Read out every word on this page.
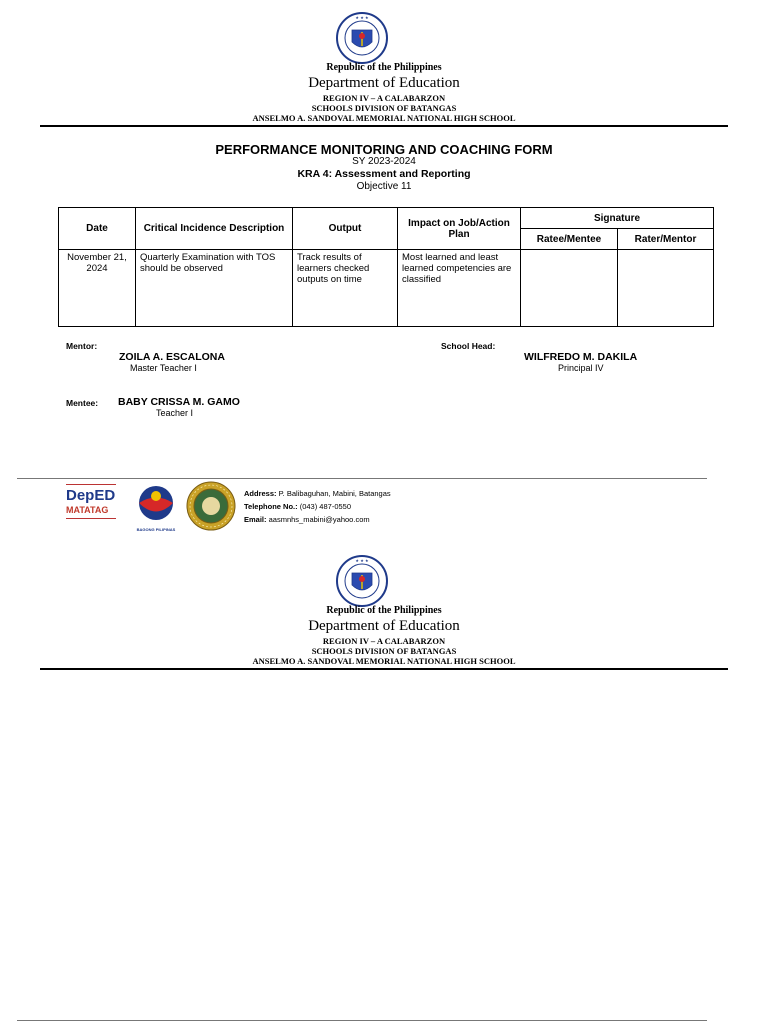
★ ★ ★
Republic of the Philippines
Department of Education
REGION IV – A CALABARZON
SCHOOLS DIVISION OF BATANGAS
ANSELMO A. SANDOVAL MEMORIAL NATIONAL HIGH SCHOOL
PERFORMANCE MONITORING AND COACHING FORM
SY 2023-2024
KRA 4: Assessment and Reporting
Objective 11
Date	Critical Incidence Description	Output	Impact on Job/Action Plan	Signature	
				Ratee/Mentee	Rater/Mentor
November 21, 2024	Quarterly Examination with TOS should be observed	Track results of learners checked outputs on time	Most learned and least learned competencies are classified		
Mentor:
ZOILA A. ESCALONA
Master Teacher I
School Head:
WILFREDO M. DAKILA
Principal IV
Mentee: BABY CRISSA M. GAMO
Teacher I
DepED
MATATAG
BAGONG PILIPINAS
Address: P. Balibaguhan, Mabini, Batangas
Telephone No.: (043) 487-0550
Email: aasmnhs_mabini@yahoo.com
★ ★ ★
Republic of the Philippines
Department of Education
REGION IV – A CALABARZON
SCHOOLS DIVISION OF BATANGAS
ANSELMO A. SANDOVAL MEMORIAL NATIONAL HIGH SCHOOL
